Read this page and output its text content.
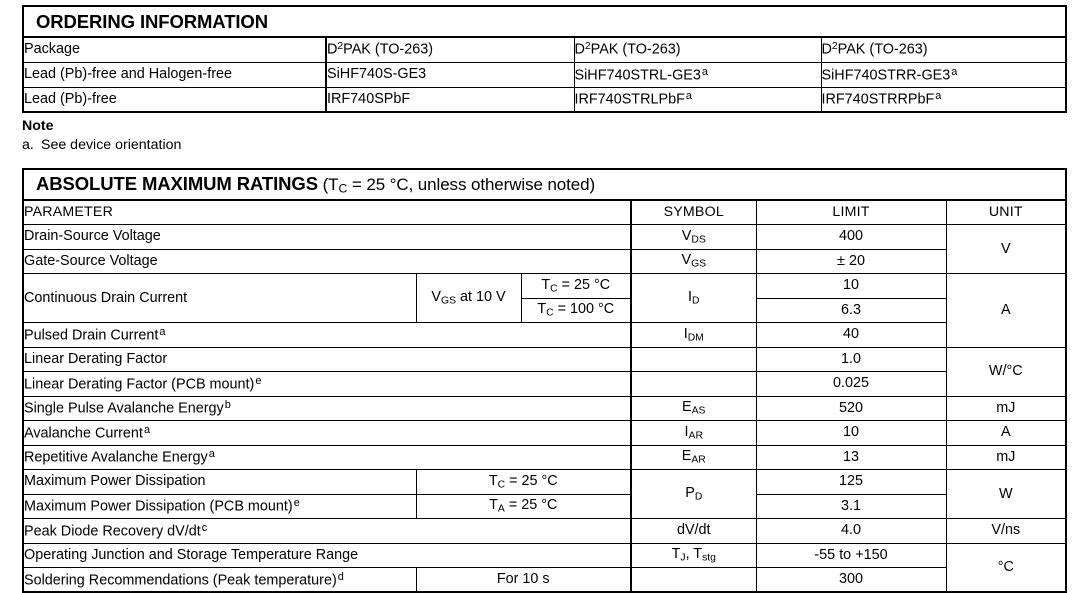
ORDERING INFORMATION			
Package	$D^2PAK$ (TO-263)	$D^2PAK$ (TO-263)	$D^2PAK$ (TO-263)
Lead (Pb)-free and Halogen-free	SiHF740S-GE3	SiHF740STRL-GE3$^a$	SiHF740STRR-GE3$^a$
Lead (Pb)-free	IRF740SPbF	IRF740STRLPbF$^a$	IRF740STRRPbF$^a$
Note
a. See device orientation
ABSOLUTE MAXIMUM RATINGS ($T_C = 25$ °C, unless otherwise noted)					
PARAMETER			SYMBOL	LIMIT	UNIT
Drain-Source Voltage			$V_{DS}$	400	V
Gate-Source Voltage			$V_{GS}$	± 20	
Continuous Drain Current	$V_{GS}$ at 10 V	$T_C = 25$ °C	$I_D$	10	A
		$T_C = 100$ °C		6.3	
Pulsed Drain Current$^a$			$I_{DM}$	40	
Linear Derating Factor				1.0	W/°C
Linear Derating Factor (PCB mount)$^e$				0.025	
Single Pulse Avalanche Energy$^b$			$E_{AS}$	520	mJ
Avalanche Current$^a$			$I_{AR}$	10	A
Repetitive Avalanche Energy$^a$			$E_{AR}$	13	mJ
Maximum Power Dissipation	$T_C = 25$ °C		$P_D$	125	W
Maximum Power Dissipation (PCB mount)$^e$	$T_A = 25$ °C			3.1	
Peak Diode Recovery dV/dt$^c$			dV/dt	4.0	V/ns
Operating Junction and Storage Temperature Range			$T_J$, $T_{stg}$	-55 to +150	°C
Soldering Recommendations (Peak temperature)$^d$	For 10 s			300	
